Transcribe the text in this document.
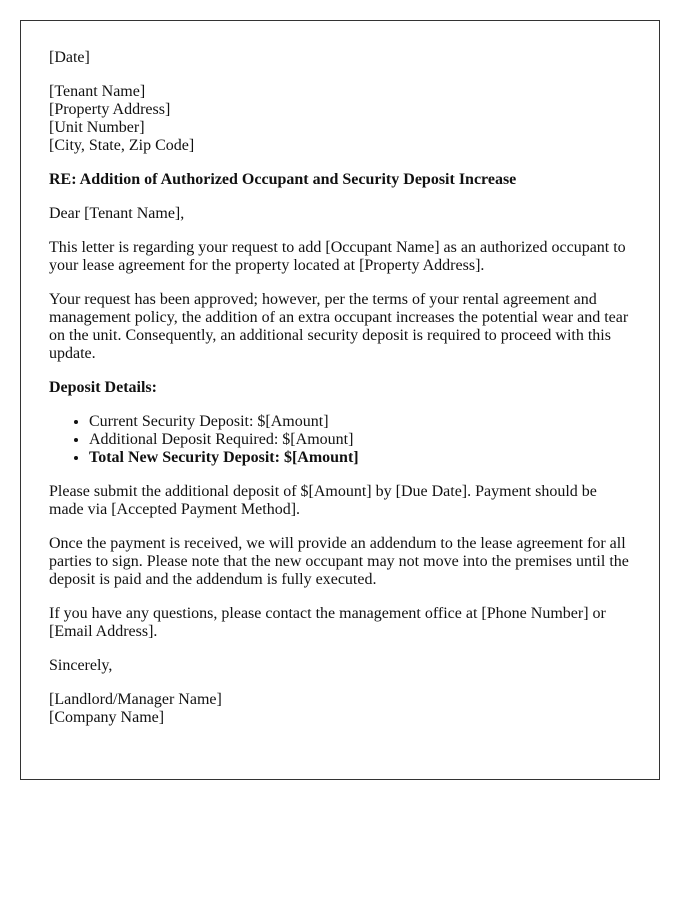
[Date]

[Tenant Name]
[Property Address]
[Unit Number]
[City, State, Zip Code]

RE: Addition of Authorized Occupant and Security Deposit Increase

Dear [Tenant Name],

This letter is regarding your request to add [Occupant Name] as an authorized occupant to your lease agreement for the property located at [Property Address].

Your request has been approved; however, per the terms of your rental agreement and management policy, the addition of an extra occupant increases the potential wear and tear on the unit. Consequently, an additional security deposit is required to proceed with this update.

Deposit Details:

• Current Security Deposit: $[Amount]
• Additional Deposit Required: $[Amount]
• Total New Security Deposit: $[Amount]

Please submit the additional deposit of $[Amount] by [Due Date]. Payment should be made via [Accepted Payment Method].

Once the payment is received, we will provide an addendum to the lease agreement for all parties to sign. Please note that the new occupant may not move into the premises until the deposit is paid and the addendum is fully executed.

If you have any questions, please contact the management office at [Phone Number] or [Email Address].

Sincerely,

[Landlord/Manager Name]
[Company Name]
